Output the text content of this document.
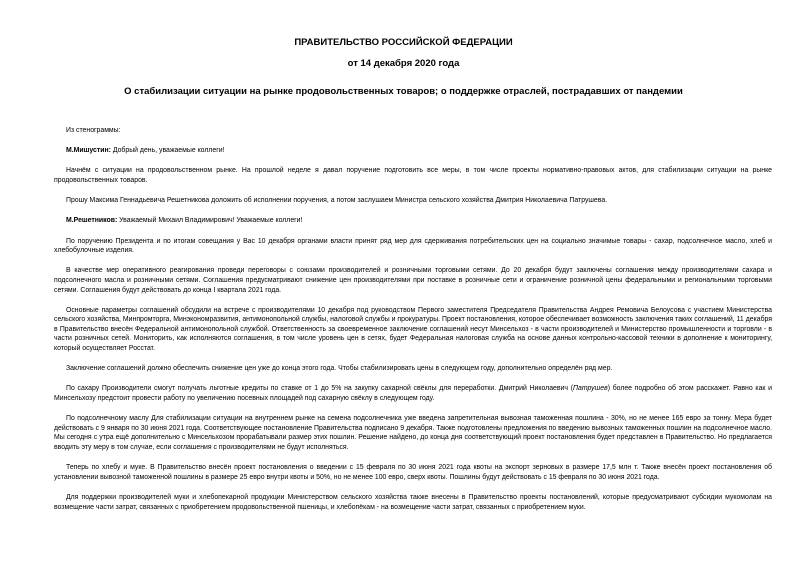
ПРАВИТЕЛЬСТВО РОССИЙСКОЙ ФЕДЕРАЦИИ
от 14 декабря 2020 года
О стабилизации ситуации на рынке продовольственных товаров; о поддержке отраслей, пострадавших от пандемии

Из стенограммы:

М.Мишустин: Добрый день, уважаемые коллеги!

Начнём с ситуации на продовольственном рынке. На прошлой неделе я давал поручение подготовить все меры, в том числе проекты нормативно-правовых актов, для стабилизации ситуации на рынке продовольственных товаров.

Прошу Максима Геннадьевича Решетникова доложить об исполнении поручения, а потом заслушаем Министра сельского хозяйства Дмитрия Николаевича Патрушева.

М.Решетников: Уважаемый Михаил Владимирович! Уважаемые коллеги!

По поручению Президента и по итогам совещания у Вас 10 декабря органами власти принят ряд мер для сдерживания потребительских цен на социально значимые товары - сахар, подсолнечное масло, хлеб и хлебобулочные изделия.

В качестве мер оперативного реагирования проведи переговоры с союзами производителей и розничными торговыми сетями. До 20 декабря будут заключены соглашения между производителями сахара и подсолнечного масла и розничными сетями. Соглашения предусматривают снижение цен производителями при поставке в розничные сети и ограничение розничной цены федеральными и региональными торговыми сетями. Соглашения будут действовать до конца I квартала 2021 года.

Основные параметры соглашений обсудили на встрече с производителями 10 декабря под руководством Первого заместителя Председателя Правительства Андрея Ремовича Белоусова с участием Министерства сельского хозяйства, Минпромторга, Минэкономразвития, антимонопольной службы, налоговой службы и прокуратуры. Проект постановления, которое обеспечивает возможность заключения таких соглашений, 11 декабря в Правительство внесён Федеральной антимонопольной службой. Ответственность за своевременное заключение соглашений несут Минсельхоз - в части производителей и Министерство промышленности и торговли - в части розничных сетей. Мониторить, как исполняются соглашения, в том числе уровень цен в сетях, будет Федеральная налоговая служба на основе данных контрольно-кассовой техники в дополнение к мониторингу, который осуществляет Росстат.

Заключение соглашений должно обеспечить снижение цен уже до конца этого года. Чтобы стабилизировать цены в следующем году, дополнительно определён ряд мер.

По сахару Производители смогут получать льготные кредиты по ставке от 1 до 5% на закупку сахарной свёклы для переработки. Дмитрий Николаевич (Патрушев) более подробно об этом расскажет. Равно как и Минсельхозу предстоит провести работу по увеличению посевных площадей под сахарную свёклу в следующем году.

По подсолнечному маслу Для стабилизации ситуации на внутреннем рынке на семена подсолнечника уже введена запретительная вывозная таможенная пошлина - 30%, но не менее 165 евро за тонну. Мера будет действовать с 9 января по 30 июня 2021 года. Соответствующее постановление Правительства подписано 9 декабря. Также подготовлены предложения по введению вывозных таможенных пошлин на подсолнечное масло. Мы сегодня с утра ещё дополнительно с Минсельхозом прорабатывали размер этих пошлин. Решение найдено, до конца дня соответствующий проект постановления будет представлен в Правительство. Но предлагается вводить эту меру в том случае, если соглашения с производителями не будут исполняться.

Теперь по хлебу и муке. В Правительство внесён проект постановления о введении с 15 февраля по 30 июня 2021 года квоты на экспорт зерновых в размере 17,5 млн т. Также внесён проект постановления об установлении вывозной таможенной пошлины в размере 25 евро внутри квоты и 50%, но не менее 100 евро, сверх квоты. Пошлины будут действовать с 15 февраля по 30 июня 2021 года.

Для поддержки производителей муки и хлебопекарной продукции Министерством сельского хозяйства также внесены в Правительство проекты постановлений, которые предусматривают субсидии мукомолам на возмещение части затрат, связанных с приобретением продовольственной пшеницы, и хлебопёкам - на возмещение части затрат, связанных с приобретением муки.
